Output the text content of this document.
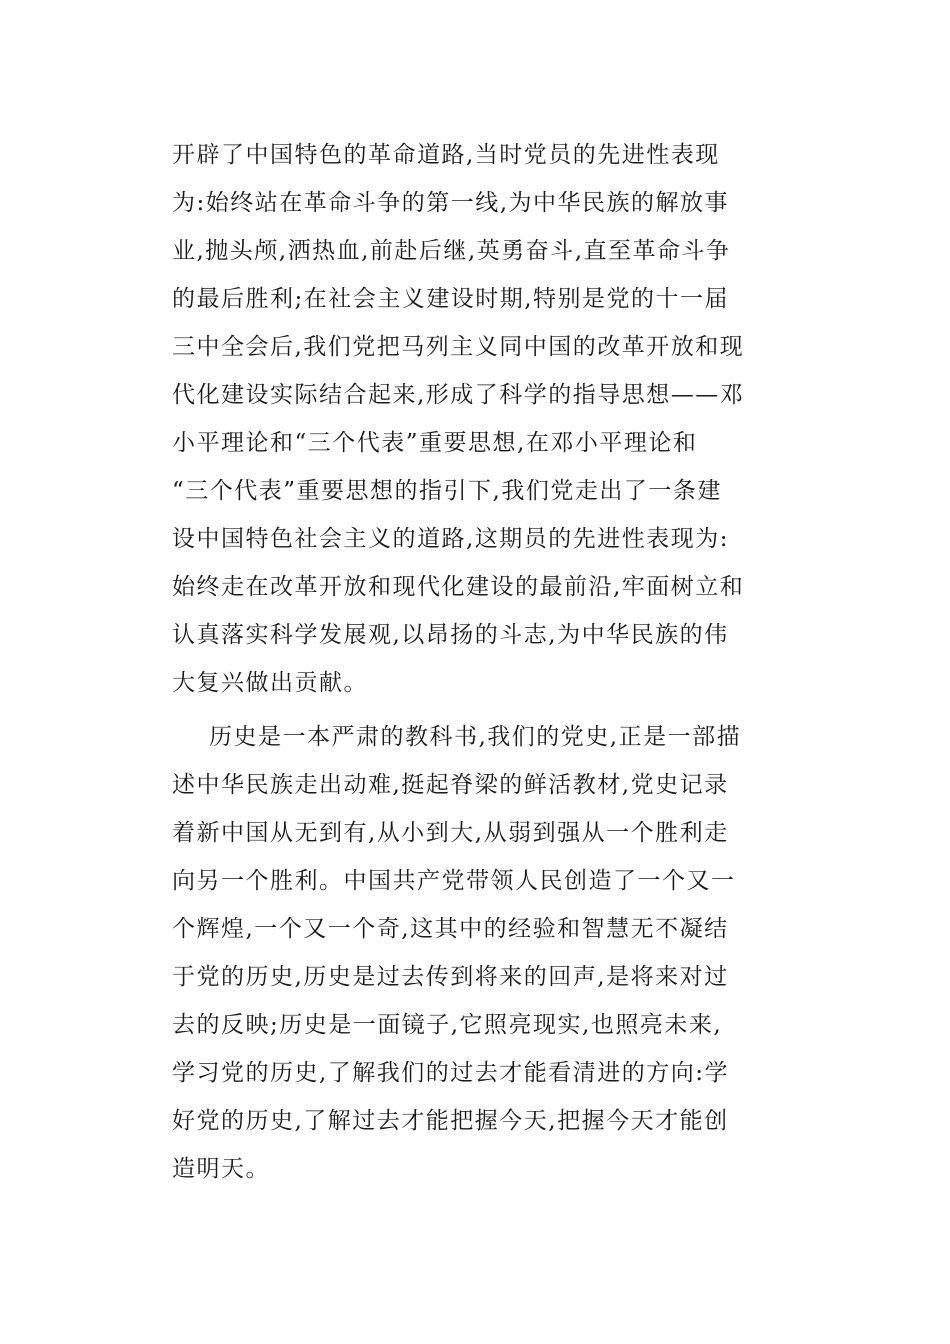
开辟了中国特色的革命道路,当时党员的先进性表现
为:始终站在革命斗争的第一线,为中华民族的解放事
业,抛头颅,洒热血,前赴后继,英勇奋斗,直至革命斗争
的最后胜利;在社会主义建设时期,特别是党的十一届
三中全会后,我们党把马列主义同中国的改革开放和现
代化建设实际结合起来,形成了科学的指导思想——邓
小平理论和“三个代表”重要思想,在邓小平理论和
“三个代表”重要思想的指引下,我们党走出了一条建
设中国特色社会主义的道路,这期员的先进性表现为:
始终走在改革开放和现代化建设的最前沿,牢面树立和
认真落实科学发展观,以昂扬的斗志,为中华民族的伟
大复兴做出贡献。
历史是一本严肃的教科书,我们的党史,正是一部描
述中华民族走出动难,挺起脊梁的鲜活教材,党史记录
着新中国从无到有,从小到大,从弱到强从一个胜利走
向另一个胜利。中国共产党带领人民创造了一个又一
个辉煌,一个又一个奇,这其中的经验和智慧无不凝结
于党的历史,历史是过去传到将来的回声,是将来对过
去的反映;历史是一面镜子,它照亮现实,也照亮未来,
学习党的历史,了解我们的过去才能看清进的方向:学
好党的历史,了解过去才能把握今天,把握今天才能创
造明天。
